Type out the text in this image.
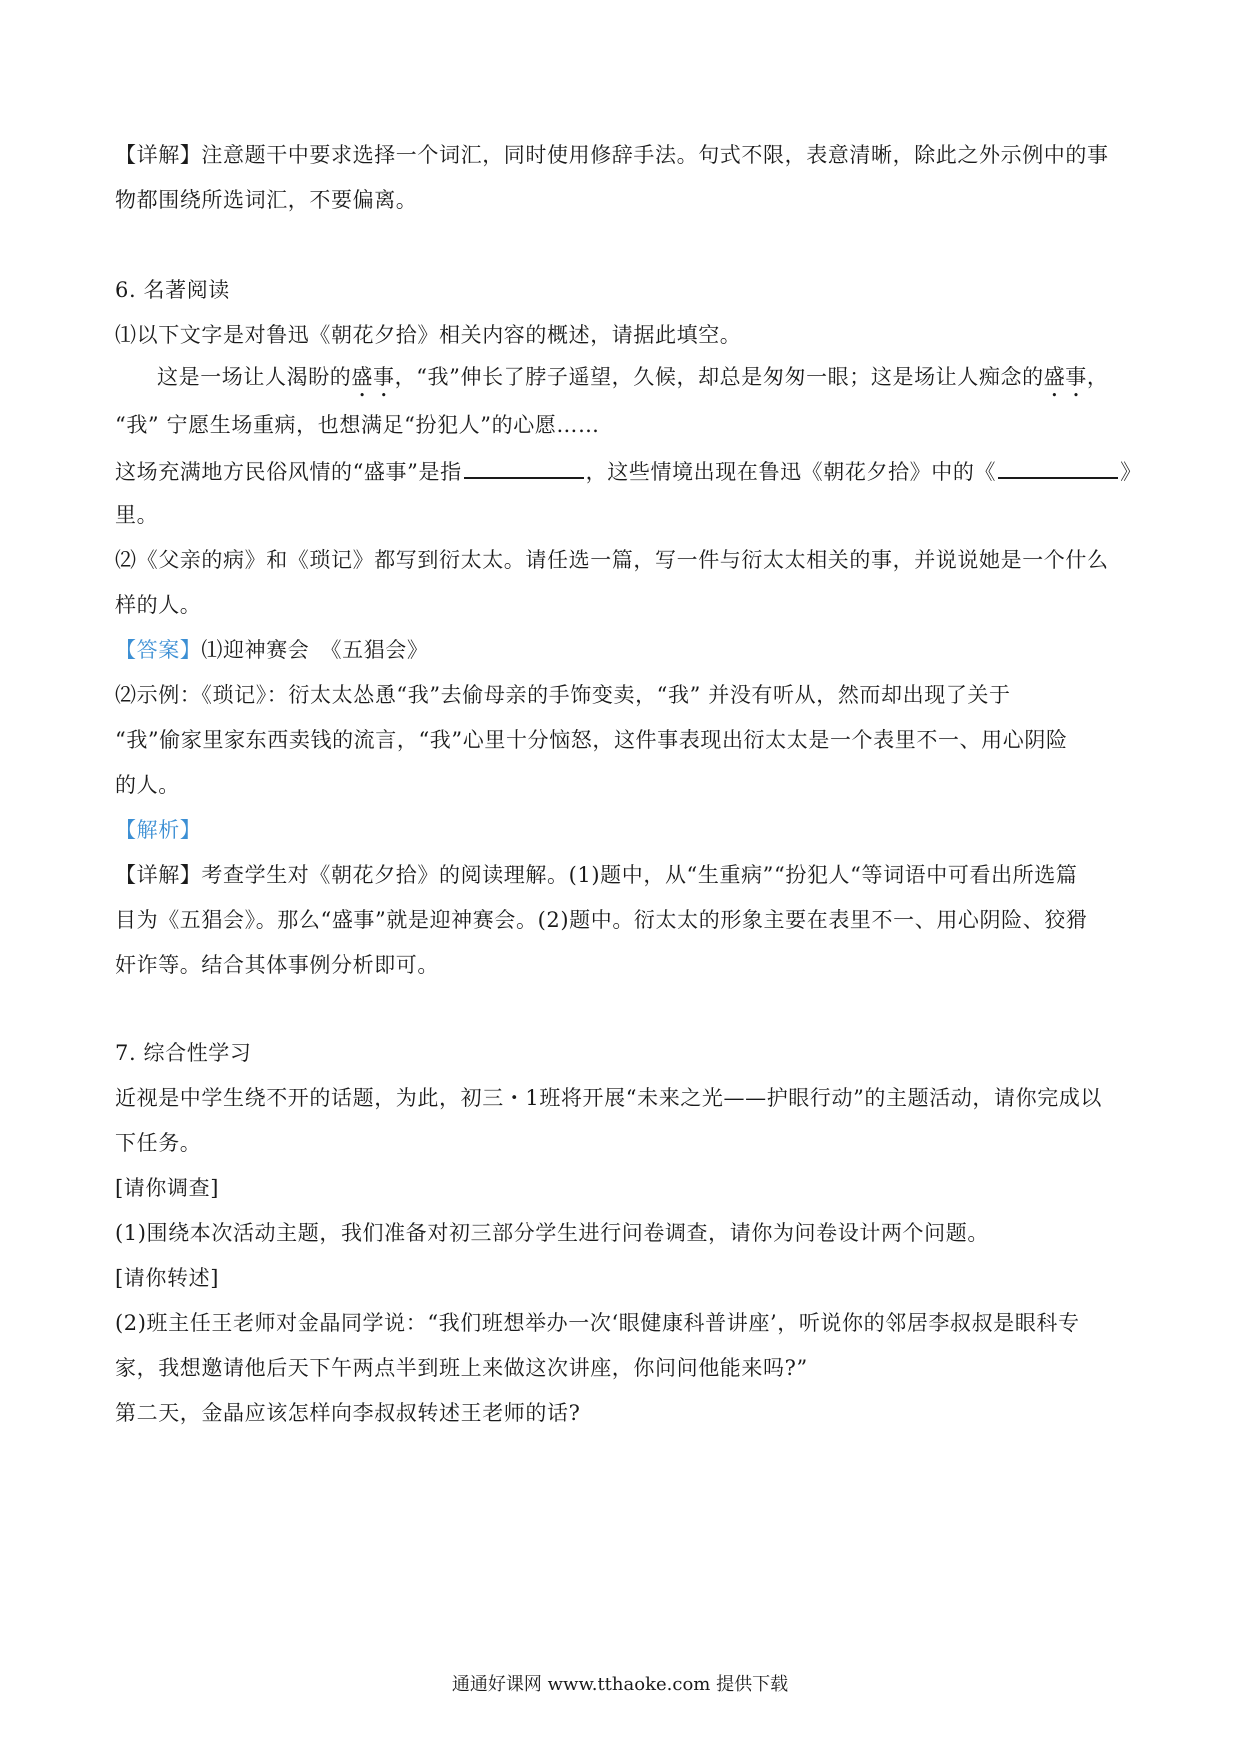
【详解】注意题干中要求选择一个词汇，同时使用修辞手法。句式不限，表意清晰，除此之外示例中的事
物都围绕所选词汇，不要偏离。
6. 名著阅读
⑴以下文字是对鲁迅《朝花夕拾》相关内容的概述，请据此填空。
这是一场让人渴盼的盛事，“我”伸长了脖子遥望，久候，却总是匆匆一眼；这是场让人痴念的盛事，
“我” 宁愿生场重病，也想满足“扮犯人”的心愿……
这场充满地方民俗风情的“盛事”是指	，这些情境出现在鲁迅《朝花夕拾》中的《	》
里。
⑵《父亲的病》和《琐记》都写到衍太太。请任选一篇，写一件与衍太太相关的事，并说说她是一个什么
样的人。
【答案】⑴迎神赛会　《五猖会》
⑵示例：《琐记》：衍太太怂恿“我”去偷母亲的手饰变卖，“我” 并没有听从，然而却出现了关于
“我”偷家里家东西卖钱的流言，“我”心里十分恼怒，这件事表现出衍太太是一个表里不一、用心阴险
的人。
【解析】
【详解】考查学生对《朝花夕拾》的阅读理解。(1)题中，从“生重病”“扮犯人“等词语中可看出所选篇
目为《五猖会》。那么“盛事”就是迎神赛会。(2)题中。衍太太的形象主要在表里不一、用心阴险、狡猾
奸诈等。结合其体事例分析即可。
7. 综合性学习
近视是中学生绕不开的话题，为此，初三・1班将开展“未来之光——护眼行动”的主题活动，请你完成以
下任务。
[请你调查]
(1)围绕本次活动主题，我们准备对初三部分学生进行问卷调查，请你为问卷设计两个问题。
[请你转述]
(2)班主任王老师对金晶同学说：“我们班想举办一次‘眼健康科普讲座’，听说你的邻居李叔叔是眼科专
家，我想邀请他后天下午两点半到班上来做这次讲座，你问问他能来吗?”
第二天，金晶应该怎样向李叔叔转述王老师的话?
通通好课网 www.tthaoke.com 提供下载
